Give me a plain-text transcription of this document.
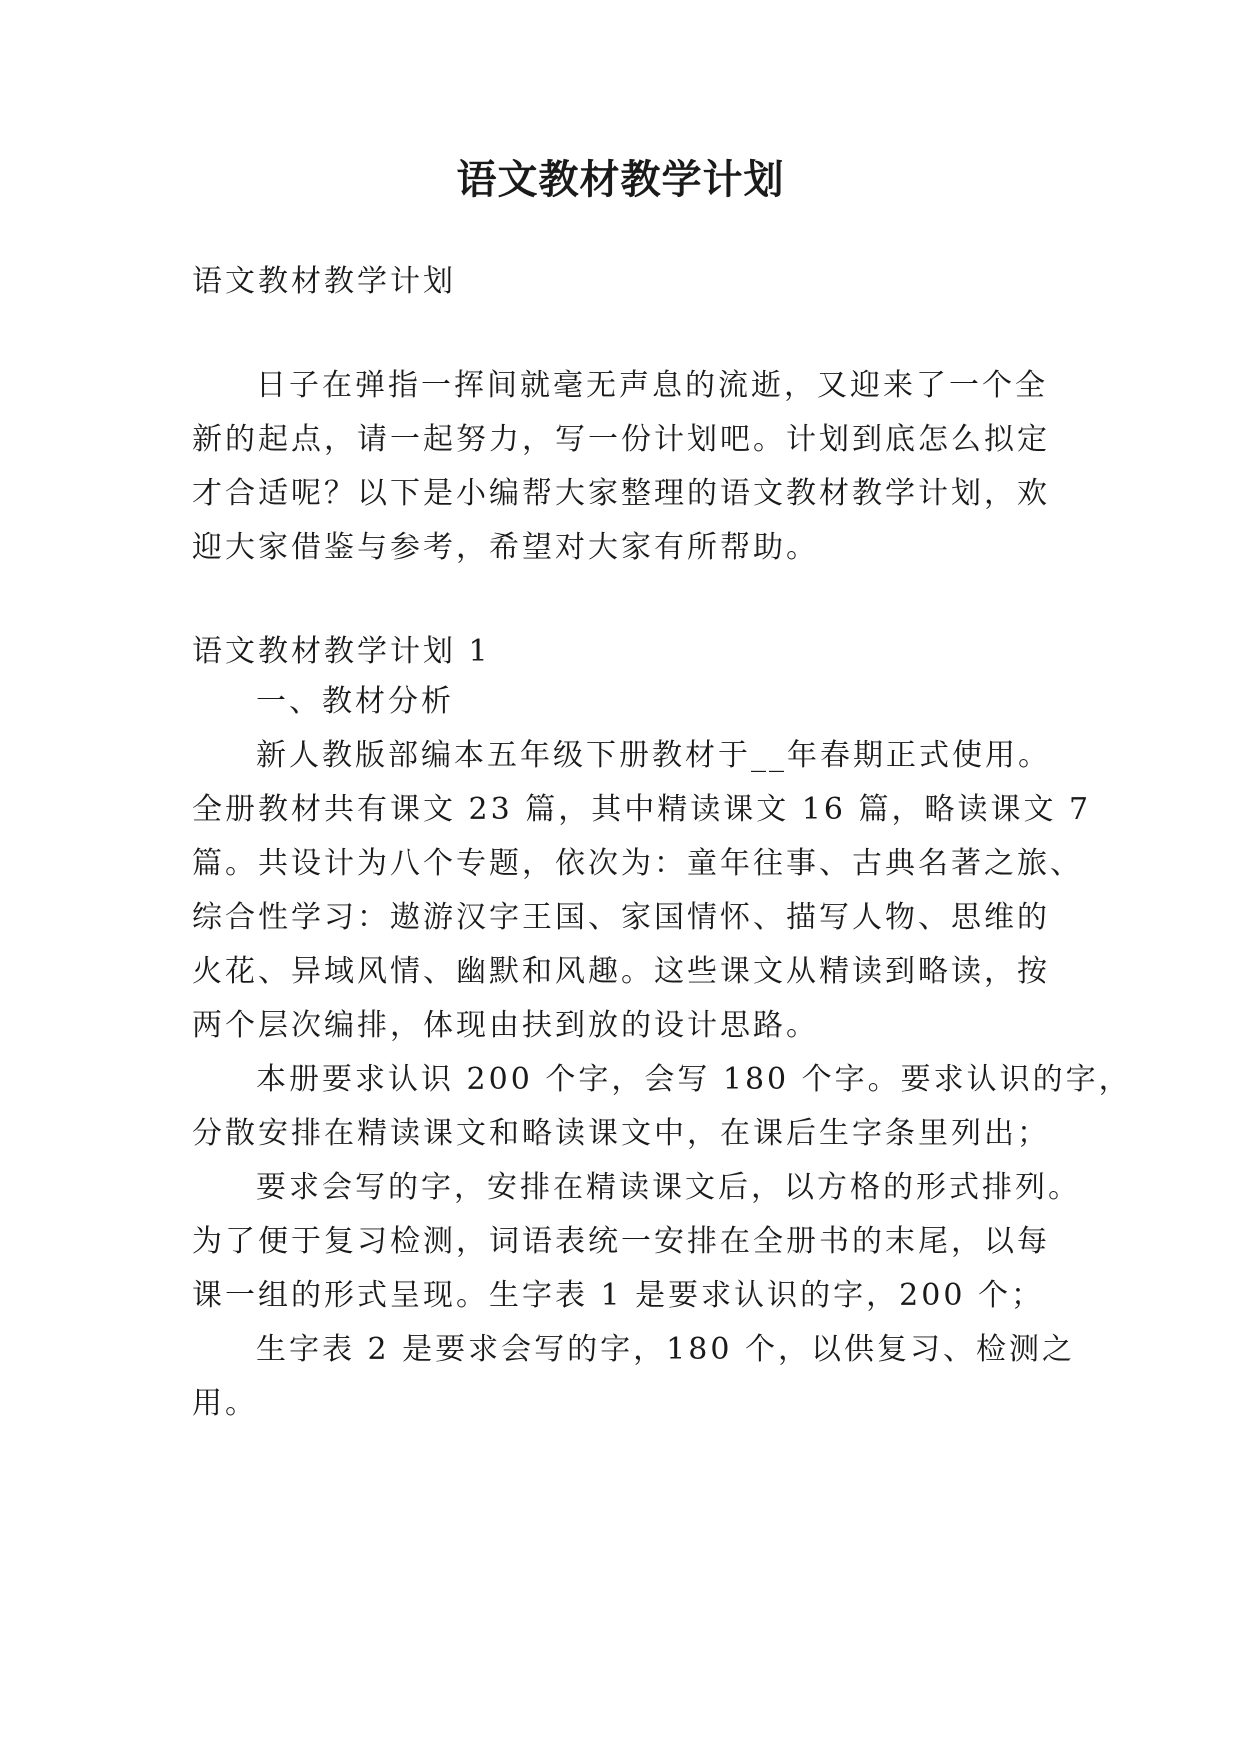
语文教材教学计划
语文教材教学计划
日子在弹指一挥间就毫无声息的流逝，又迎来了一个全
新的起点，请一起努力，写一份计划吧。计划到底怎么拟定
才合适呢？以下是小编帮大家整理的语文教材教学计划，欢
迎大家借鉴与参考，希望对大家有所帮助。
语文教材教学计划 1
一、教材分析
新人教版部编本五年级下册教材于__年春期正式使用。
全册教材共有课文 23 篇，其中精读课文 16 篇，略读课文 7
篇。共设计为八个专题，依次为：童年往事、古典名著之旅、
综合性学习：遨游汉字王国、家国情怀、描写人物、思维的
火花、异域风情、幽默和风趣。这些课文从精读到略读，按
两个层次编排，体现由扶到放的设计思路。
本册要求认识 200 个字，会写 180 个字。要求认识的字，
分散安排在精读课文和略读课文中，在课后生字条里列出；
要求会写的字，安排在精读课文后，以方格的形式排列。
为了便于复习检测，词语表统一安排在全册书的末尾，以每
课一组的形式呈现。生字表 1 是要求认识的字，200 个；
生字表 2 是要求会写的字，180 个，以供复习、检测之
用。
